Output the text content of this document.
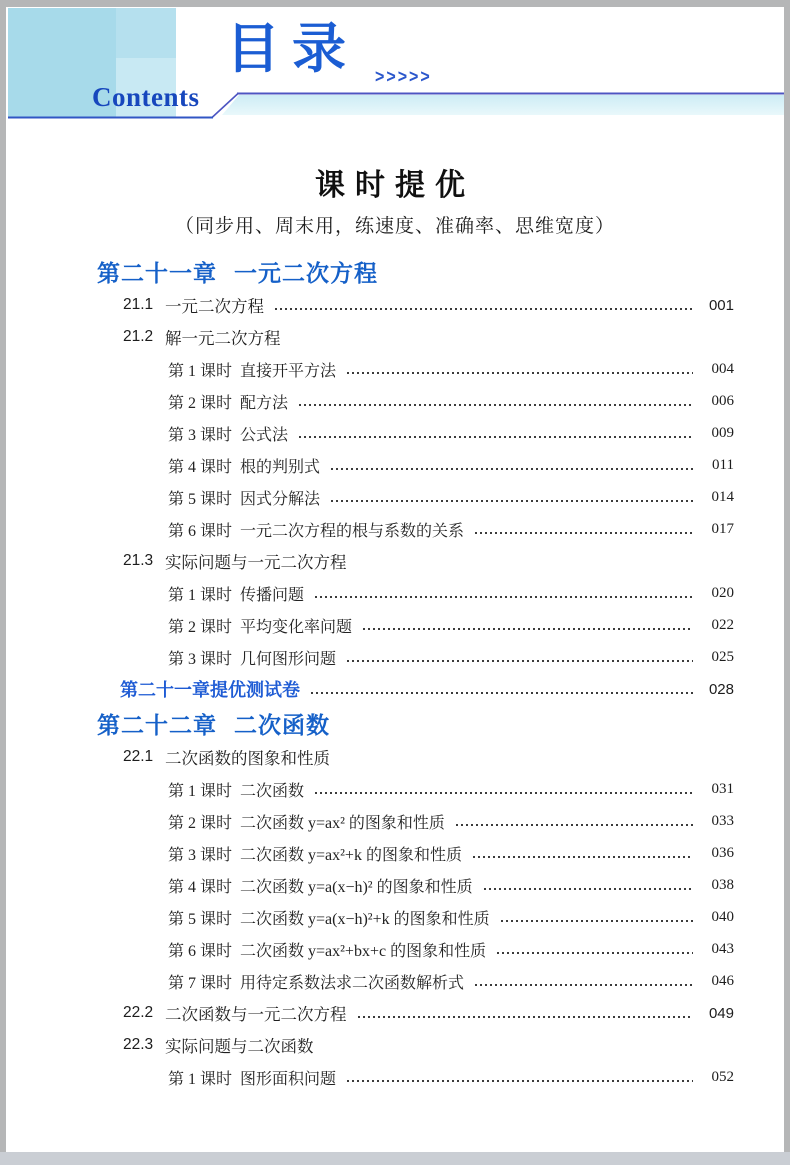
Contents
目录 >>>>>
课时提优
（同步用、周末用，练速度、准确率、思维宽度）
第二十一章 一元二次方程
21.1 一元二次方程	001
21.2 解一元二次方程
第 1 课时 直接开平方法	004
第 2 课时 配方法	006
第 3 课时 公式法	009
第 4 课时 根的判别式	011
第 5 课时 因式分解法	014
第 6 课时 一元二次方程的根与系数的关系	017
21.3 实际问题与一元二次方程
第 1 课时 传播问题	020
第 2 课时 平均变化率问题	022
第 3 课时 几何图形问题	025
第二十一章提优测试卷	028
第二十二章 二次函数
22.1 二次函数的图象和性质
第 1 课时 二次函数	031
第 2 课时 二次函数 y=ax² 的图象和性质	033
第 3 课时 二次函数 y=ax²+k 的图象和性质	036
第 4 课时 二次函数 y=a(x−h)² 的图象和性质	038
第 5 课时 二次函数 y=a(x−h)²+k 的图象和性质	040
第 6 课时 二次函数 y=ax²+bx+c 的图象和性质	043
第 7 课时 用待定系数法求二次函数解析式	046
22.2 二次函数与一元二次方程	049
22.3 实际问题与二次函数
第 1 课时 图形面积问题	052
